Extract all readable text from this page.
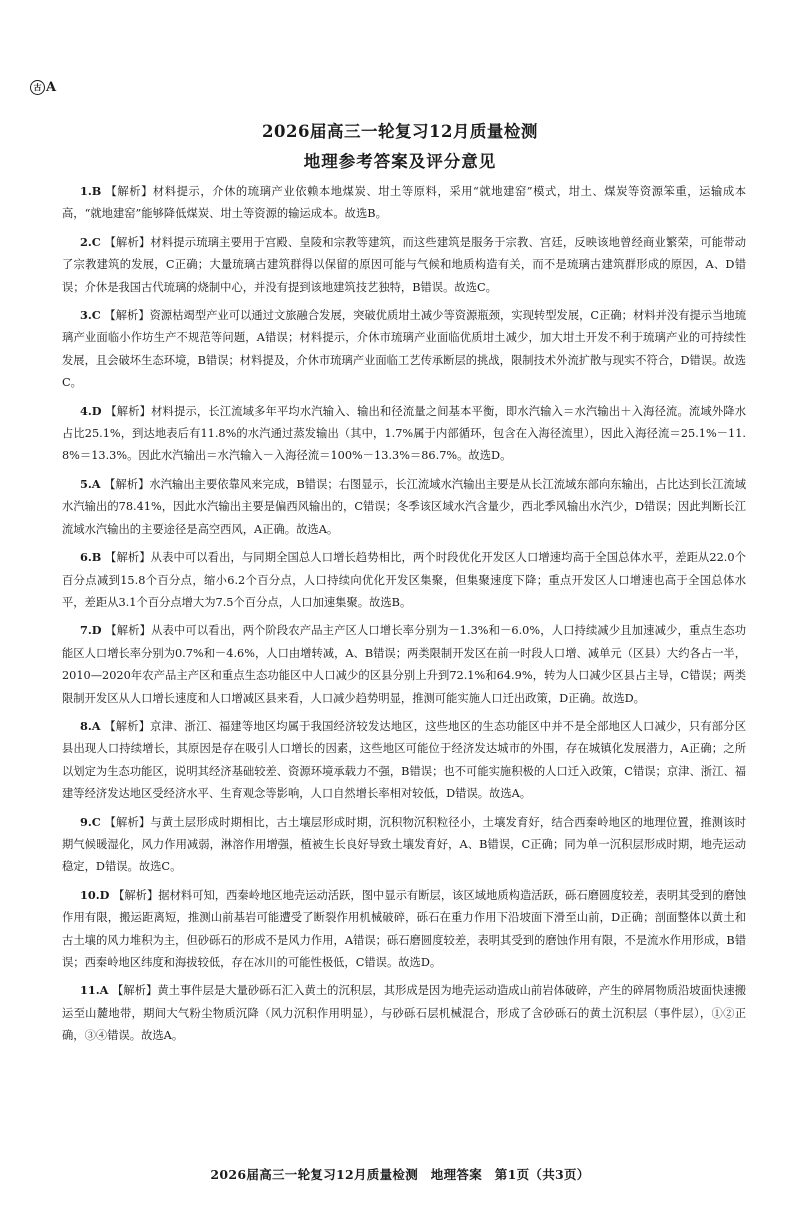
古 A
2026届高三一轮复习12月质量检测
地理参考答案及评分意见

1.B 【解析】材料提示，介休的琉璃产业依赖本地煤炭、坩土等原料，采用“就地建窑”模式，坩土、煤炭等资源笨重，运输成本高，“就地建窑”能够降低煤炭、坩土等资源的输运成本。故选B。

2.C 【解析】材料提示琉璃主要用于宫殿、皇陵和宗教等建筑，而这些建筑是服务于宗教、宫廷，反映该地曾经商业繁荣，可能带动了宗教建筑的发展，C正确；大量琉璃古建筑群得以保留的原因可能与气候和地质构造有关，而不是琉璃古建筑群形成的原因，A、D错误；介休是我国古代琉璃的烧制中心，并没有提到该地建筑技艺独特，B错误。故选C。

3.C 【解析】资源枯竭型产业可以通过文旅融合发展，突破优质坩土减少等资源瓶颈，实现转型发展，C正确；材料并没有提示当地琉璃产业面临小作坊生产不规范等问题，A错误；材料提示，介休市琉璃产业面临优质坩土减少，加大坩土开发不利于琉璃产业的可持续性发展，且会破坏生态环境，B错误；材料提及，介休市琉璃产业面临工艺传承断层的挑战，限制技术外流扩散与现实不符合，D错误。故选C。

4.D 【解析】材料提示，长江流域多年平均水汽输入、输出和径流量之间基本平衡，即水汽输入＝水汽输出＋入海径流。流域外降水占比25.1%，到达地表后有11.8%的水汽通过蒸发输出（其中，1.7%属于内部循环，包含在入海径流里），因此入海径流＝25.1%－11.8%＝13.3%。因此水汽输出＝水汽输入－入海径流＝100%－13.3%＝86.7%。故选D。

5.A 【解析】水汽输出主要依靠风来完成，B错误；右图显示，长江流域水汽输出主要是从长江流域东部向东输出，占比达到长江流域水汽输出的78.41%，因此水汽输出主要是偏西风输出的，C错误；冬季该区域水汽含量少，西北季风输出水汽少，D错误；因此判断长江流域水汽输出的主要途径是高空西风，A正确。故选A。

6.B 【解析】从表中可以看出，与同期全国总人口增长趋势相比，两个时段优化开发区人口增速均高于全国总体水平，差距从22.0个百分点减到15.8个百分点，缩小6.2个百分点，人口持续向优化开发区集聚，但集聚速度下降；重点开发区人口增速也高于全国总体水平，差距从3.1个百分点增大为7.5个百分点，人口加速集聚。故选B。

7.D 【解析】从表中可以看出，两个阶段农产品主产区人口增长率分别为－1.3%和－6.0%，人口持续减少且加速减少，重点生态功能区人口增长率分别为0.7%和－4.6%，人口由增转减，A、B错误；两类限制开发区在前一时段人口增、减单元（区县）大约各占一半，2010—2020年农产品主产区和重点生态功能区中人口减少的区县分别上升到72.1%和64.9%，转为人口减少区县占主导，C错误；两类限制开发区从人口增长速度和人口增减区县来看，人口减少趋势明显，推测可能实施人口迁出政策，D正确。故选D。

8.A 【解析】京津、浙江、福建等地区均属于我国经济较发达地区，这些地区的生态功能区中并不是全部地区人口减少，只有部分区县出现人口持续增长，其原因是存在吸引人口增长的因素，这些地区可能位于经济发达城市的外围，存在城镇化发展潜力，A正确；之所以划定为生态功能区，说明其经济基础较差、资源环境承载力不强，B错误；也不可能实施积极的人口迁入政策，C错误；京津、浙江、福建等经济发达地区受经济水平、生育观念等影响，人口自然增长率相对较低，D错误。故选A。

9.C 【解析】与黄土层形成时期相比，古土壤层形成时期，沉积物沉积粒径小，土壤发育好，结合西秦岭地区的地理位置，推测该时期气候暖湿化，风力作用减弱，淋溶作用增强，植被生长良好导致土壤发育好，A、B错误，C正确；同为单一沉积层形成时期，地壳运动稳定，D错误。故选C。

10.D 【解析】据材料可知，西秦岭地区地壳运动活跃，图中显示有断层，该区域地质构造活跃，砾石磨圆度较差，表明其受到的磨蚀作用有限，搬运距离短，推测山前基岩可能遭受了断裂作用机械破碎，砾石在重力作用下沿坡面下滑至山前，D正确；剖面整体以黄土和古土壤的风力堆积为主，但砂砾石的形成不是风力作用，A错误；砾石磨圆度较差，表明其受到的磨蚀作用有限，不是流水作用形成，B错误；西秦岭地区纬度和海拔较低，存在冰川的可能性极低，C错误。故选D。

11.A 【解析】黄土事件层是大量砂砾石汇入黄土的沉积层，其形成是因为地壳运动造成山前岩体破碎，产生的碎屑物质沿坡面快速搬运至山麓地带，期间大气粉尘物质沉降（风力沉积作用明显），与砂砾石层机械混合，形成了含砂砾石的黄土沉积层（事件层），①②正确，③④错误。故选A。

2026届高三一轮复习12月质量检测　地理答案　第1页（共3页）
